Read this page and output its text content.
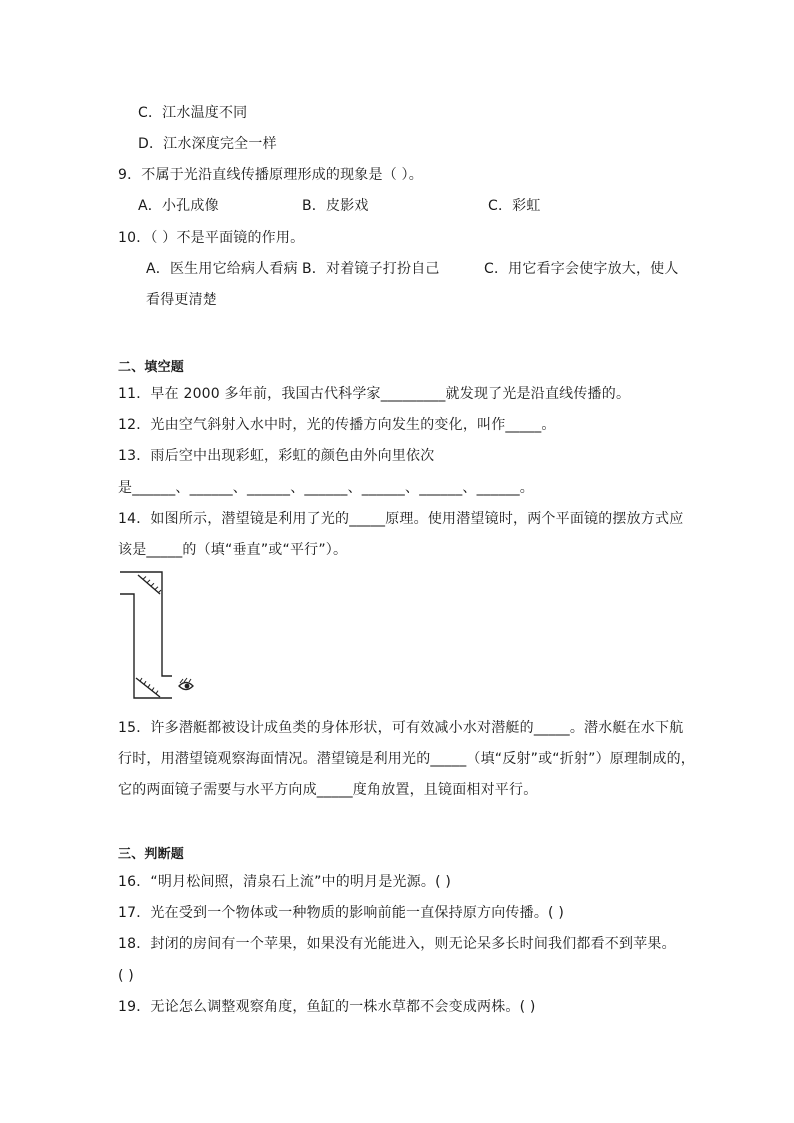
C．江水温度不同
D．江水深度完全一样
9．不属于光沿直线传播原理形成的现象是（ ）。
A．小孔成像	B．皮影戏	C．彩虹
10．（ ）不是平面镜的作用。
A．医生用它给病人看病 B．对着镜子打扮自己	C．用它看字会使字放大，使人
看得更清楚
二、填空题
11．早在 2000 多年前，我国古代科学家_________就发现了光是沿直线传播的。
12．光由空气斜射入水中时，光的传播方向发生的变化，叫作_____。
13．雨后空中出现彩虹，彩虹的颜色由外向里依次
是______、______、______、______、______、______、______。
14．如图所示，潜望镜是利用了光的_____原理。使用潜望镜时，两个平面镜的摆放方式应
该是_____的（填“垂直”或“平行”）。
15．许多潜艇都被设计成鱼类的身体形状，可有效减小水对潜艇的_____。潜水艇在水下航
行时，用潜望镜观察海面情况。潜望镜是利用光的_____（填“反射”或“折射”）原理制成的，
它的两面镜子需要与水平方向成_____度角放置，且镜面相对平行。
三、判断题
16．“明月松间照，清泉石上流”中的明月是光源。( )
17．光在受到一个物体或一种物质的影响前能一直保持原方向传播。( )
18．封闭的房间有一个苹果，如果没有光能进入，则无论呆多长时间我们都看不到苹果。
( )
19．无论怎么调整观察角度，鱼缸的一株水草都不会变成两株。( )
